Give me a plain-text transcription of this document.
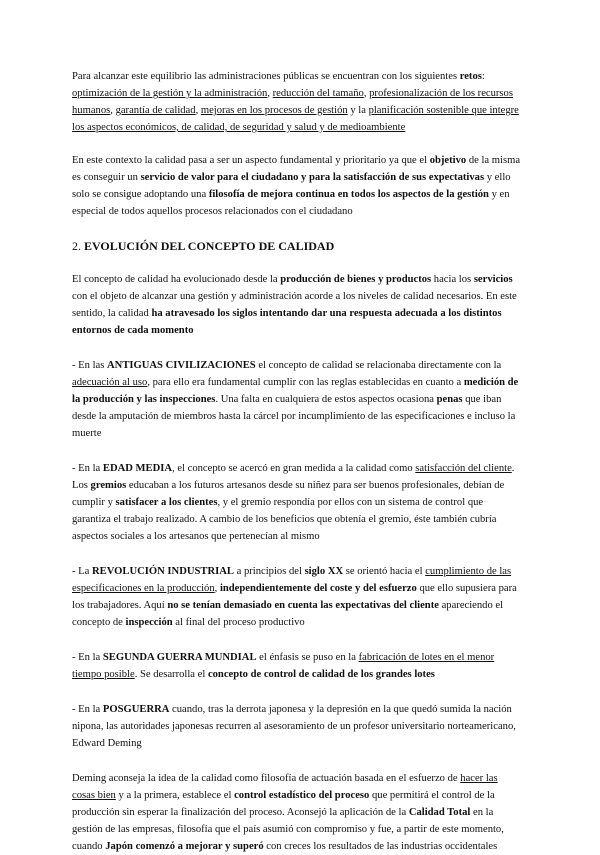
Para alcanzar este equilibrio las administraciones públicas se encuentran con los siguientes retos: optimización de la gestión y la administración, reducción del tamaño, profesionalización de los recursos humanos, garantía de calidad, mejoras en los procesos de gestión y la planificación sostenible que integre los aspectos económicos, de calidad, de seguridad y salud y de medioambiente

En este contexto la calidad pasa a ser un aspecto fundamental y prioritario ya que el objetivo de la misma es conseguir un servicio de valor para el ciudadano y para la satisfacción de sus expectativas y ello solo se consigue adoptando una filosofía de mejora continua en todos los aspectos de la gestión y en especial de todos aquellos procesos relacionados con el ciudadano

2. EVOLUCIÓN DEL CONCEPTO DE CALIDAD

El concepto de calidad ha evolucionado desde la producción de bienes y productos hacia los servicios con el objeto de alcanzar una gestión y administración acorde a los niveles de calidad necesarios. En este sentido, la calidad ha atravesado los siglos intentando dar una respuesta adecuada a los distintos entornos de cada momento

- En las ANTIGUAS CIVILIZACIONES el concepto de calidad se relacionaba directamente con la adecuación al uso, para ello era fundamental cumplir con las reglas establecidas en cuanto a medición de la producción y las inspecciones. Una falta en cualquiera de estos aspectos ocasiona penas que iban desde la amputación de miembros hasta la cárcel por incumplimiento de las especificaciones e incluso la muerte

- En la EDAD MEDIA, el concepto se acercó en gran medida a la calidad como satisfacción del cliente. Los gremios educaban a los futuros artesanos desde su niñez para ser buenos profesionales, debían de cumplir y satisfacer a los clientes, y el gremio respondía por ellos con un sistema de control que garantiza el trabajo realizado. A cambio de los beneficios que obtenía el gremio, éste también cubría aspectos sociales a los artesanos que pertenecían al mismo

- La REVOLUCIÓN INDUSTRIAL a principios del siglo XX se orientó hacia el cumplimiento de las especificaciones en la producción, independientemente del coste y del esfuerzo que ello supusiera para los trabajadores. Aquí no se tenían demasiado en cuenta las expectativas del cliente apareciendo el concepto de inspección al final del proceso productivo

- En la SEGUNDA GUERRA MUNDIAL el énfasis se puso en la fabricación de lotes en el menor tiempo posible. Se desarrolla el concepto de control de calidad de los grandes lotes

- En la POSGUERRA cuando, tras la derrota japonesa y la depresión en la que quedó sumida la nación nipona, las autoridades japonesas recurren al asesoramiento de un profesor universitario norteamericano, Edward Deming

Deming aconseja la idea de la calidad como filosofía de actuación basada en el esfuerzo de hacer las cosas bien y a la primera, establece el control estadístico del proceso que permitirá el control de la producción sin esperar la finalización del proceso. Aconsejó la aplicación de la Calidad Total en la gestión de las empresas, filosofía que el país asumió con compromiso y fue, a partir de este momento, cuando Japón comenzó a mejorar y superó con creces los resultados de las industrias occidentales
